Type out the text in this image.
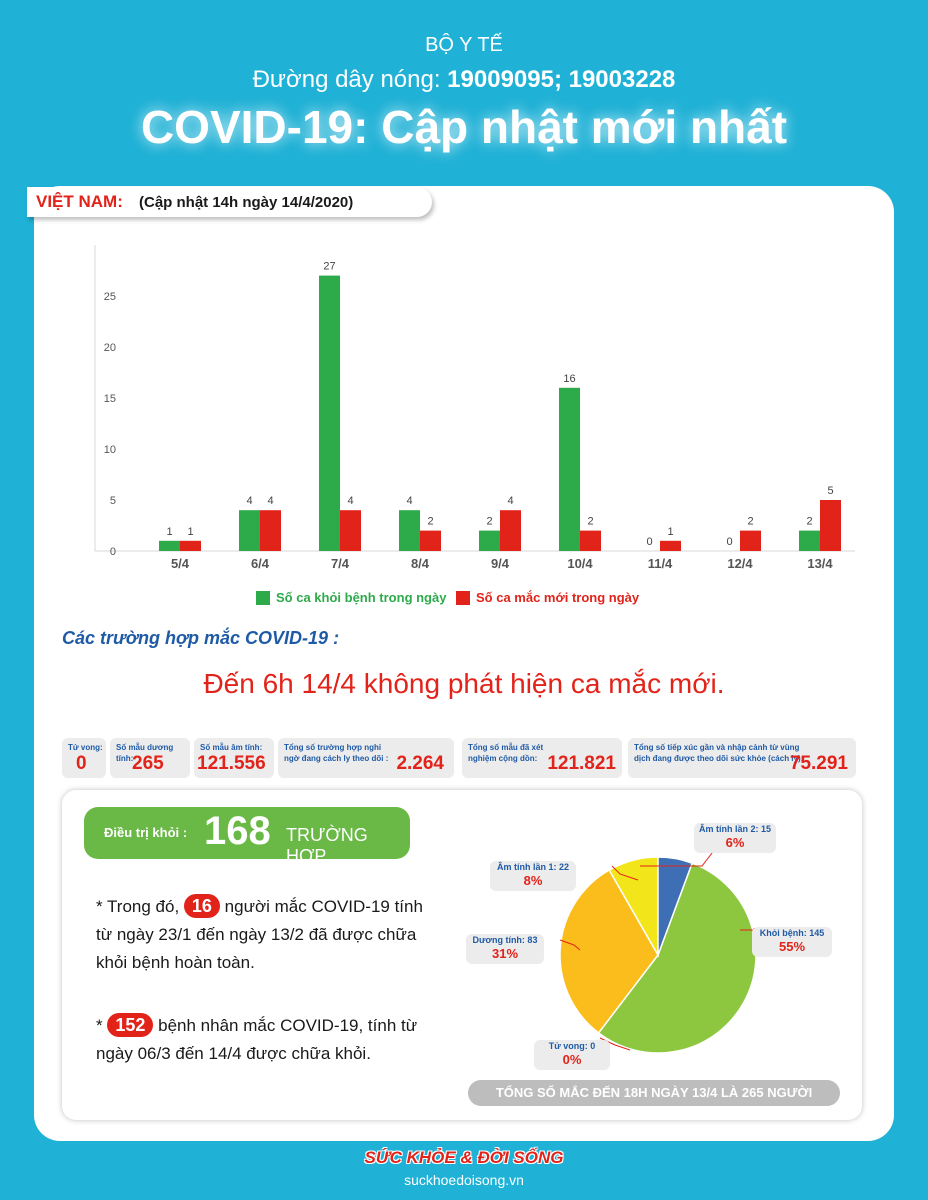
BỘ Y TẾ
Đường dây nóng: 19009095; 19003228
COVID-19: Cập nhật mới nhất
VIỆT NAM: (Cập nhật 14h ngày 14/4/2020)
0
5
10
15
20
25
1 1
5/4
4 4
6/4
27
4
7/4
4
2
8/4
2
4
9/4
16
2
10/4
0
1
11/4
0
2
12/4
2
5
13/4
Số ca khỏi bệnh trong ngày Số ca mắc mới trong ngày
Các trường hợp mắc COVID-19 :
Đến 6h 14/4 không phát hiện ca mắc mới.
Tử vong:
0
Số mẫu dương tính:
265
Số mẫu âm tính:
121.556
Tổng số trường hợp nghi
ngờ đang cách ly theo dõi : 2.264
Tổng số mẫu đã xét
nghiệm cộng dồn: 121.821
Tổng số tiếp xúc gần và nhập cảnh từ vùng
dịch đang được theo dõi sức khỏe (cách ly):
75.291
Điều trị khỏi : 168 TRƯỜNG HỢP
* Trong đó, 16 người mắc COVID-19 tính từ ngày 23/1 đến ngày 13/2 đã được chữa khỏi bệnh hoàn toàn.
* 152 bệnh nhân mắc COVID-19, tính từ ngày 06/3 đến 14/4 được chữa khỏi.
Âm tính lần 2: 15
6%
Âm tính lần 1: 22
8%
Khỏi bệnh: 145
55%
Dương tính: 83
31%
Tử vong: 0
0%
TỔNG SỐ MẮC ĐẾN 18H NGÀY 13/4 LÀ 265 NGƯỜI
SỨC KHỎE & ĐỜI SỐNG
suckhoedoisong.vn
